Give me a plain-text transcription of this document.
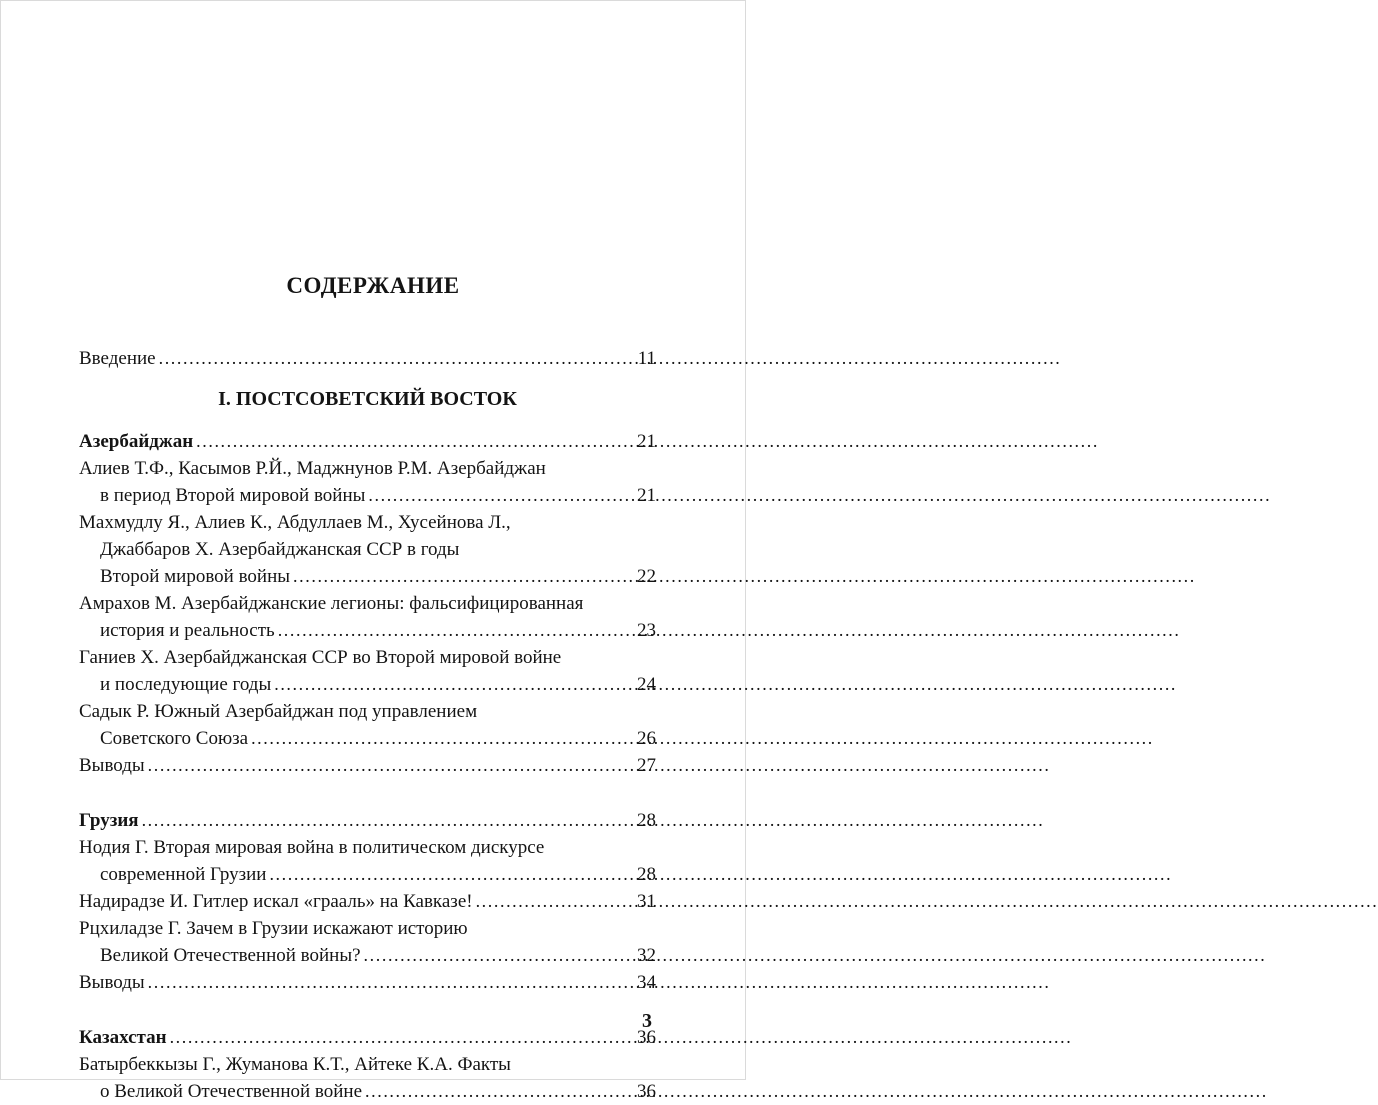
СОДЕРЖАНИЕ
Введение .....	11
I. ПОСТСОВЕТСКИЙ ВОСТОК
Азербайджан .....	21
Алиев Т.Ф., Касымов Р.Й., Маджнунов Р.М. Азербайджан
в период Второй мировой войны .....	21
Махмудлу Я., Алиев К., Абдуллаев М., Хусейнова Л.,
Джаббаров Х. Азербайджанская ССР в годы
Второй мировой войны .....	22
Амрахов М. Азербайджанские легионы: фальсифицированная
история и реальность .....	23
Ганиев Х. Азербайджанская ССР во Второй мировой войне
и последующие годы .....	24
Садык Р. Южный Азербайджан под управлением
Советского Союза .....	26
Выводы .....	27
Грузия .....	28
Нодия Г. Вторая мировая война в политическом дискурсе
современной Грузии .....	28
Надирадзе И. Гитлер искал «грааль» на Кавказе! .....	31
Рцхиладзе Г. Зачем в Грузии искажают историю
Великой Отечественной войны? .....	32
Выводы .....	34
Казахстан .....	36
Батырбеккызы Г., Жуманова К.Т., Айтеке К.А. Факты
о Великой Отечественной войне .....	36
3
